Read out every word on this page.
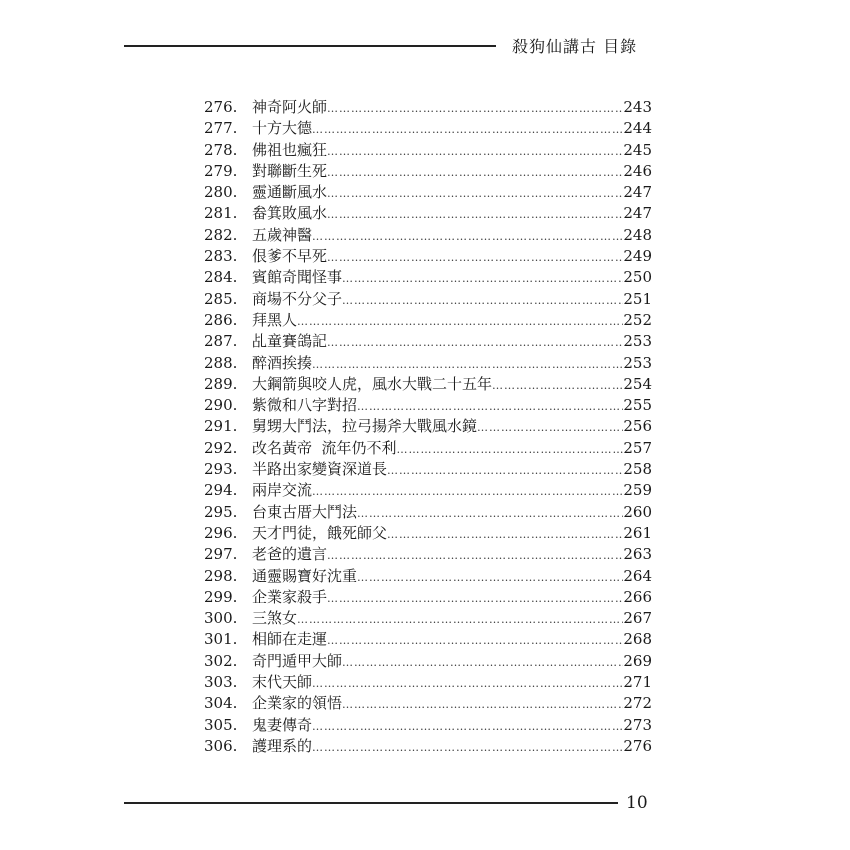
殺狗仙講古 目錄
276. 神奇阿火師 ……………………………………………………………………………………………………………………	243
277. 十方大德 ……………………………………………………………………………………………………………………	244
278. 佛祖也瘋狂 ……………………………………………………………………………………………………………………	245
279. 對聯斷生死 ……………………………………………………………………………………………………………………	246
280. 靈通斷風水 ……………………………………………………………………………………………………………………	247
281. 畚箕敗風水 ……………………………………………………………………………………………………………………	247
282. 五歲神醫 ……………………………………………………………………………………………………………………	248
283. 佷爹不早死 ……………………………………………………………………………………………………………………	249
284. 賓館奇聞怪事 ……………………………………………………………………………………………………………………	250
285. 商場不分父子 ……………………………………………………………………………………………………………………	251
286. 拜黑人 ……………………………………………………………………………………………………………………	252
287. 乩童賽鴿記 ……………………………………………………………………………………………………………………	253
288. 醉酒挨揍 ……………………………………………………………………………………………………………………	253
289. 大鋼箭與咬人虎，風水大戰二十五年 ……………………………………………………………………………………………………………………	254
290. 紫微和八字對招 ……………………………………………………………………………………………………………………	255
291. 舅甥大鬥法，拉弓揚斧大戰風水鏡 ……………………………………………………………………………………………………………………	256
292. 改名黃帝  流年仍不利 ……………………………………………………………………………………………………………………	257
293. 半路出家變資深道長 ……………………………………………………………………………………………………………………	258
294. 兩岸交流 ……………………………………………………………………………………………………………………	259
295. 台東古厝大鬥法 ……………………………………………………………………………………………………………………	260
296. 天才門徒，餓死師父 ……………………………………………………………………………………………………………………	261
297. 老爸的遺言 ……………………………………………………………………………………………………………………	263
298. 通靈賜寶好沈重 ……………………………………………………………………………………………………………………	264
299. 企業家殺手 ……………………………………………………………………………………………………………………	266
300. 三煞女 ……………………………………………………………………………………………………………………	267
301. 相師在走運 ……………………………………………………………………………………………………………………	268
302. 奇門遁甲大師 ……………………………………………………………………………………………………………………	269
303. 末代天師 ……………………………………………………………………………………………………………………	271
304. 企業家的領悟 ……………………………………………………………………………………………………………………	272
305. 鬼妻傳奇 ……………………………………………………………………………………………………………………	273
306. 護理系的 ……………………………………………………………………………………………………………………	276
10
